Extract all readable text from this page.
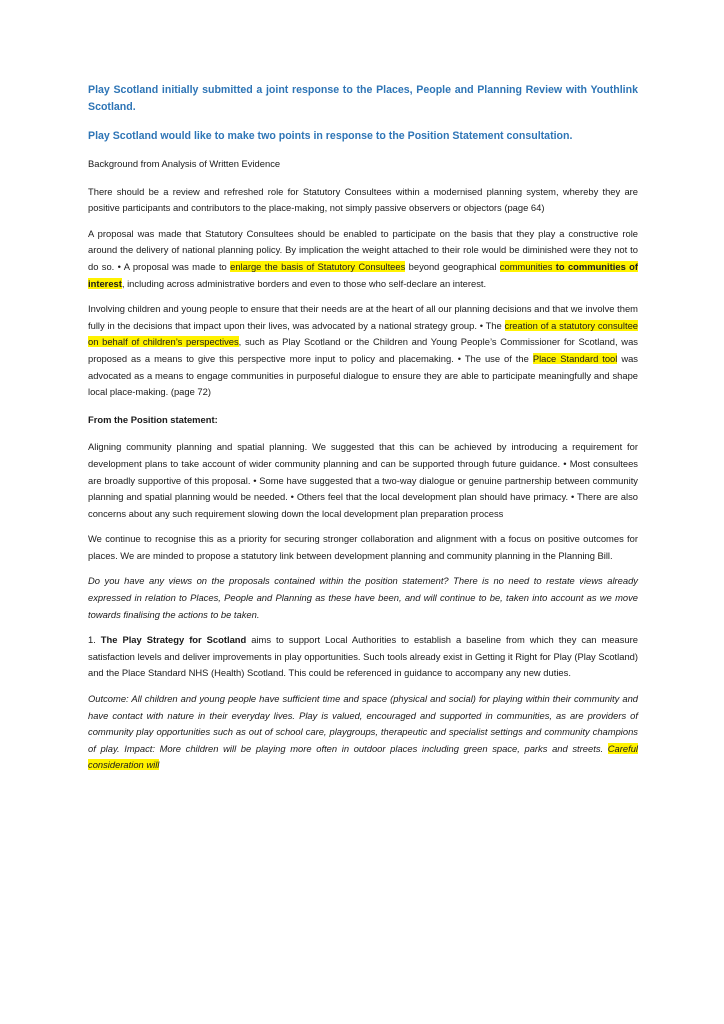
Play Scotland initially submitted a joint response to the Places, People and Planning Review with Youthlink Scotland.

Play Scotland would like to make two points in response to the Position Statement consultation.

Background from Analysis of Written Evidence

There should be a review and refreshed role for Statutory Consultees within a modernised planning system, whereby they are positive participants and contributors to the place-making, not simply passive observers or objectors (page 64)

A proposal was made that Statutory Consultees should be enabled to participate on the basis that they play a constructive role around the delivery of national planning policy. By implication the weight attached to their role would be diminished were they not to do so. • A proposal was made to enlarge the basis of Statutory Consultees beyond geographical communities to communities of interest, including across administrative borders and even to those who self-declare an interest.

Involving children and young people to ensure that their needs are at the heart of all our planning decisions and that we involve them fully in the decisions that impact upon their lives, was advocated by a national strategy group. • The creation of a statutory consultee on behalf of children’s perspectives, such as Play Scotland or the Children and Young People’s Commissioner for Scotland, was proposed as a means to give this perspective more input to policy and placemaking. • The use of the Place Standard tool was advocated as a means to engage communities in purposeful dialogue to ensure they are able to participate meaningfully and shape local place-making. (page 72)

From the Position statement:

Aligning community planning and spatial planning. We suggested that this can be achieved by introducing a requirement for development plans to take account of wider community planning and can be supported through future guidance. • Most consultees are broadly supportive of this proposal. • Some have suggested that a two-way dialogue or genuine partnership between community planning and spatial planning would be needed. • Others feel that the local development plan should have primacy. • There are also concerns about any such requirement slowing down the local development plan preparation process

We continue to recognise this as a priority for securing stronger collaboration and alignment with a focus on positive outcomes for places. We are minded to propose a statutory link between development planning and community planning in the Planning Bill.

Do you have any views on the proposals contained within the position statement? There is no need to restate views already expressed in relation to Places, People and Planning as these have been, and will continue to be, taken into account as we move towards finalising the actions to be taken.

1. The Play Strategy for Scotland aims to support Local Authorities to establish a baseline from which they can measure satisfaction levels and deliver improvements in play opportunities. Such tools already exist in Getting it Right for Play (Play Scotland) and the Place Standard NHS (Health) Scotland. This could be referenced in guidance to accompany any new duties.

Outcome: All children and young people have sufficient time and space (physical and social) for playing within their community and have contact with nature in their everyday lives. Play is valued, encouraged and supported in communities, as are providers of community play opportunities such as out of school care, playgroups, therapeutic and specialist settings and community champions of play. Impact: More children will be playing more often in outdoor places including green space, parks and streets. Careful consideration will
